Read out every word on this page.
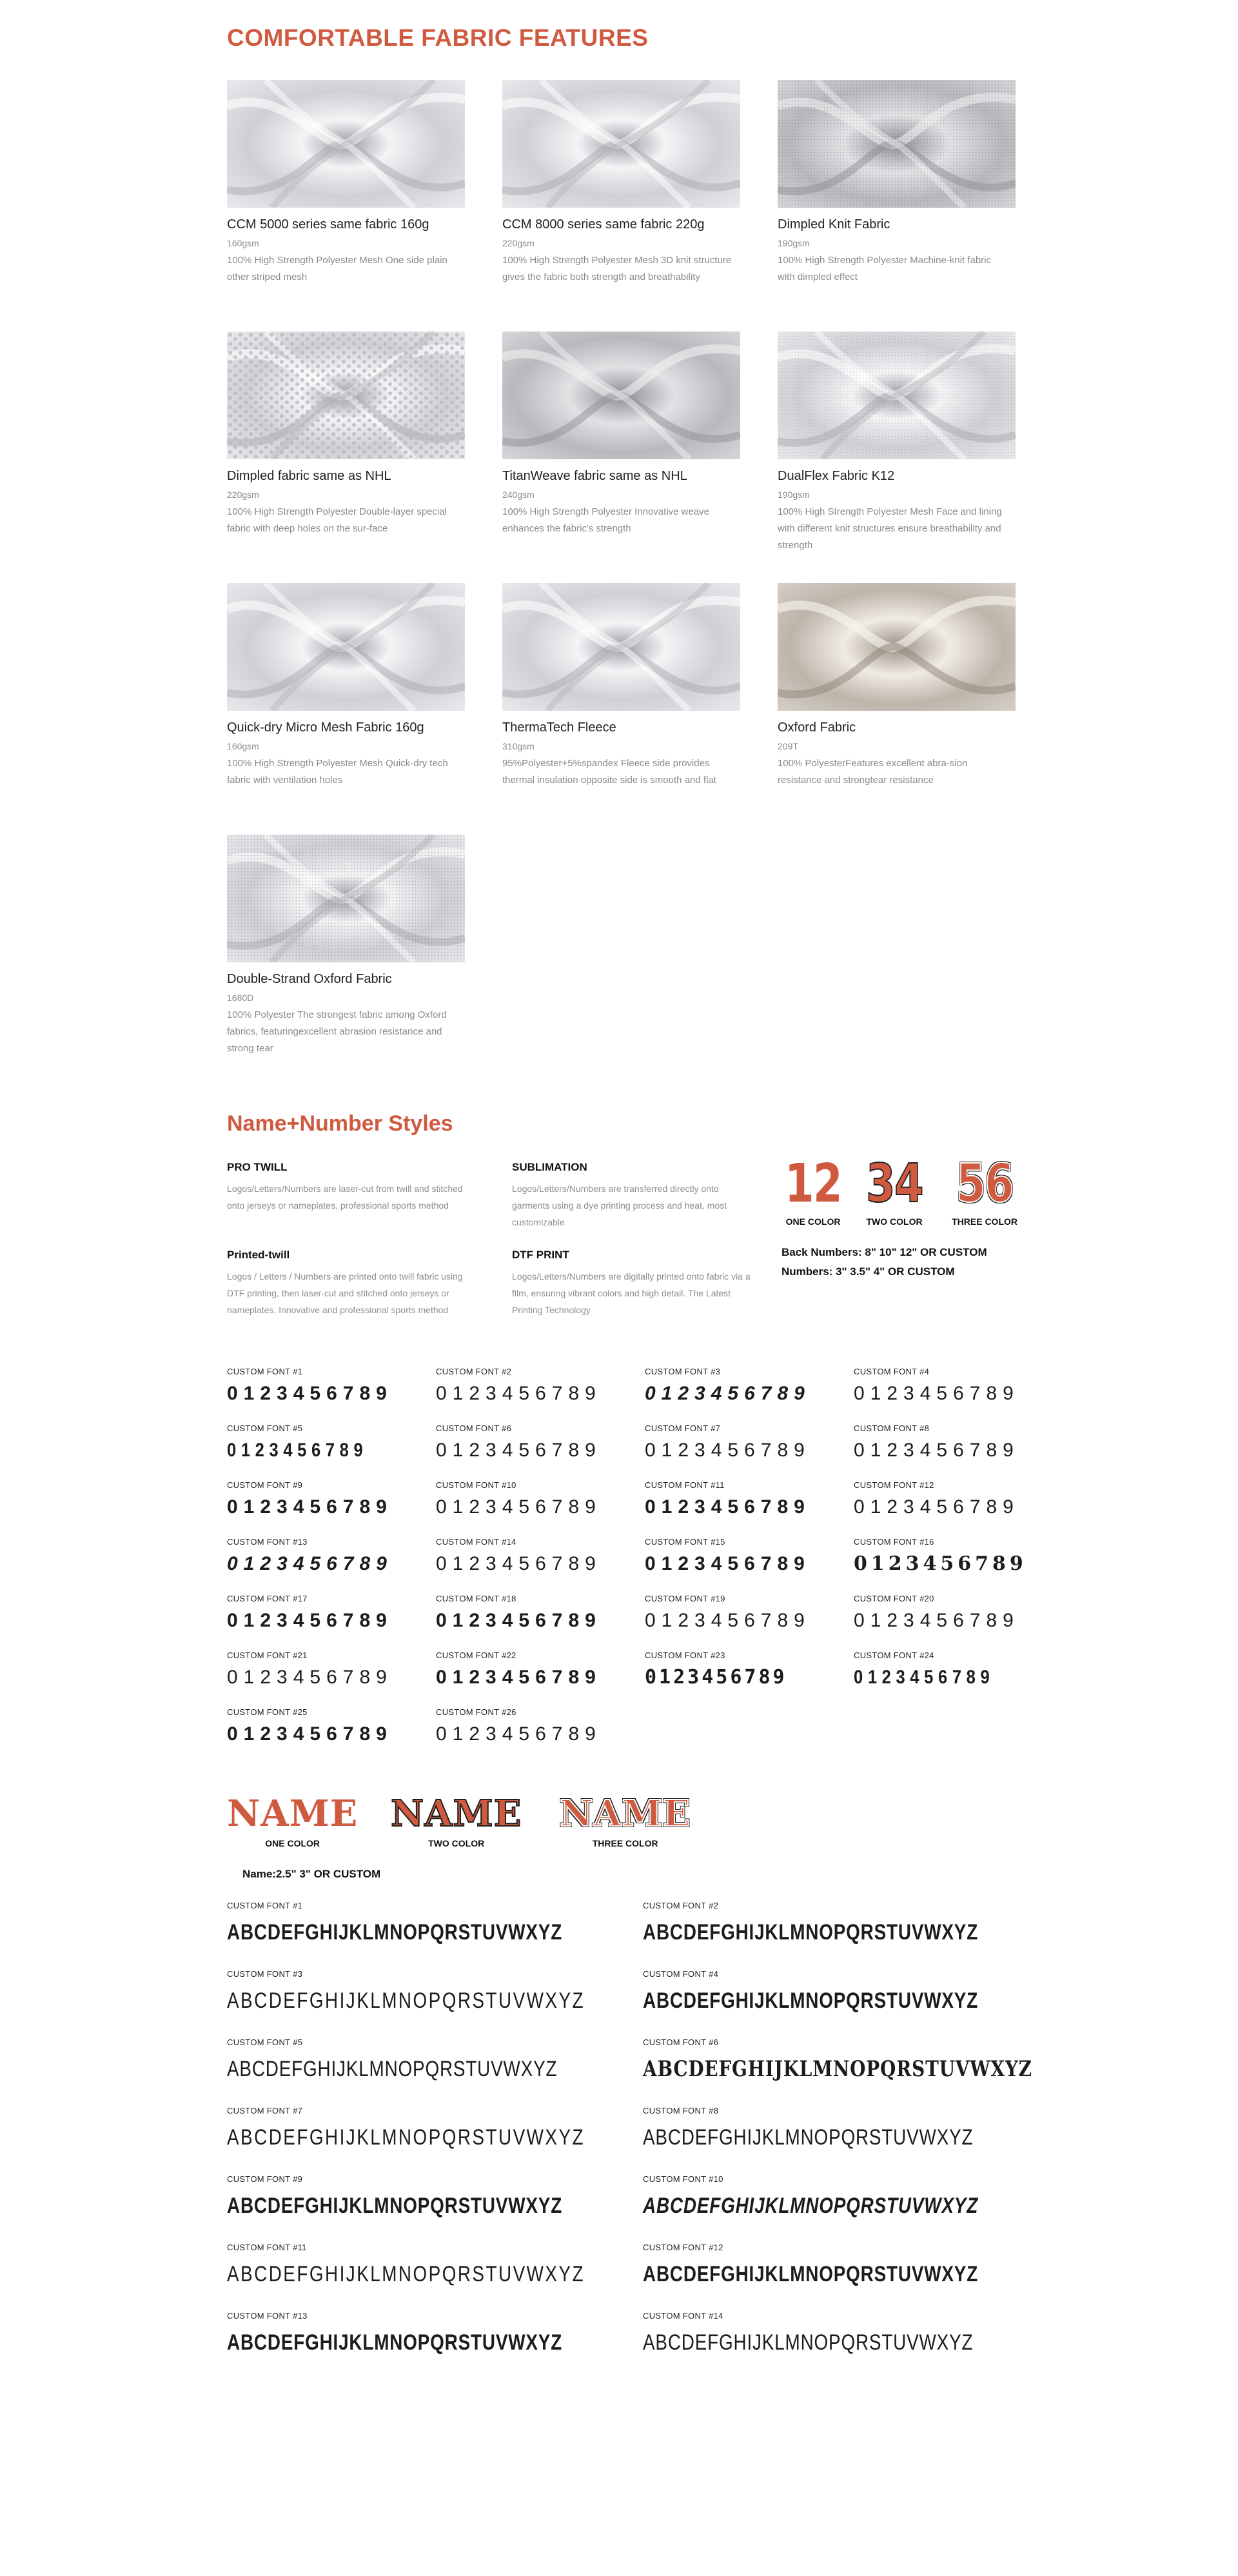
COMFORTABLE FABRIC FEATURES
CCM 5000 series same fabric 160g
160gsm
100% High Strength Polyester Mesh One side plain other striped mesh
CCM 8000 series same fabric 220g
220gsm
100% High Strength Polyester Mesh 3D knit structure gives the fabric both strength and breathability
Dimpled Knit Fabric
190gsm
100% High Strength Polyester Machine-knit fabric with dimpled effect
Dimpled fabric same as NHL
220gsm
100% High Strength Polyester Double-layer special fabric with deep holes on the sur-face
TitanWeave fabric same as NHL
240gsm
100% High Strength Polyester Innovative weave enhances the fabric's strength
DualFlex Fabric K12
190gsm
100% High Strength Polyester Mesh Face and lining with different knit structures ensure breathability and strength
Quick-dry Micro Mesh Fabric 160g
160gsm
100% High Strength Polyester Mesh Quick-dry tech fabric with ventilation holes
ThermaTech Fleece
310gsm
95%Polyester+5%spandex Fleece side provides thermal insulation opposite side is smooth and flat
Oxford Fabric
209T
100% PolyesterFeatures excellent abra-sion resistance and strongtear resistance
Double-Strand Oxford Fabric
1680D
100% Polyester The strongest fabric among Oxford fabrics, featuringexcellent abrasion resistance and strong tear
Name+Number Styles
PRO TWILL
Logos/Letters/Numbers are laser-cut from twill and stitched onto jerseys or nameplates, professional sports method
SUBLIMATION
Logos/Letters/Numbers are transferred directly onto garments using a dye printing process and heat, most customizable
Printed-twill
Logos / Letters / Numbers are printed onto twill fabric using DTF printing, then laser-cut and stitched onto jerseys or nameplates. Innovative and professional sports method
DTF PRINT
Logos/Letters/Numbers are digitally printed onto fabric via a film, ensuring vibrant colors and high detail. The Latest Printing Technology
12
ONE COLOR
34
TWO COLOR
56
THREE COLOR
Back Numbers: 8" 10" 12" OR CUSTOM
Numbers: 3" 3.5" 4" OR CUSTOM
CUSTOM FONT #1
0123456789
CUSTOM FONT #2
0123456789
CUSTOM FONT #3
0123456789
CUSTOM FONT #4
0123456789
CUSTOM FONT #5
0123456789
CUSTOM FONT #6
0123456789
CUSTOM FONT #7
0123456789
CUSTOM FONT #8
0123456789
CUSTOM FONT #9
0123456789
CUSTOM FONT #10
0123456789
CUSTOM FONT #11
0123456789
CUSTOM FONT #12
0123456789
CUSTOM FONT #13
0123456789
CUSTOM FONT #14
0123456789
CUSTOM FONT #15
0123456789
CUSTOM FONT #16
0123456789
CUSTOM FONT #17
0123456789
CUSTOM FONT #18
0123456789
CUSTOM FONT #19
0123456789
CUSTOM FONT #20
0123456789
CUSTOM FONT #21
0123456789
CUSTOM FONT #22
0123456789
CUSTOM FONT #23
0123456789
CUSTOM FONT #24
0123456789
CUSTOM FONT #25
0123456789
CUSTOM FONT #26
0123456789
NAME
ONE COLOR
NAME
TWO COLOR
NAME
THREE COLOR
Name:2.5" 3" OR CUSTOM
CUSTOM FONT #1
ABCDEFGHIJKLMNOPQRSTUVWXYZ
CUSTOM FONT #2
ABCDEFGHIJKLMNOPQRSTUVWXYZ
CUSTOM FONT #3
ABCDEFGHIJKLMNOPQRSTUVWXYZ
CUSTOM FONT #4
ABCDEFGHIJKLMNOPQRSTUVWXYZ
CUSTOM FONT #5
ABCDEFGHIJKLMNOPQRSTUVWXYZ
CUSTOM FONT #6
ABCDEFGHIJKLMNOPQRSTUVWXYZ
CUSTOM FONT #7
ABCDEFGHIJKLMNOPQRSTUVWXYZ
CUSTOM FONT #8
ABCDEFGHIJKLMNOPQRSTUVWXYZ
CUSTOM FONT #9
ABCDEFGHIJKLMNOPQRSTUVWXYZ
CUSTOM FONT #10
ABCDEFGHIJKLMNOPQRSTUVWXYZ
CUSTOM FONT #11
ABCDEFGHIJKLMNOPQRSTUVWXYZ
CUSTOM FONT #12
ABCDEFGHIJKLMNOPQRSTUVWXYZ
CUSTOM FONT #13
ABCDEFGHIJKLMNOPQRSTUVWXYZ
CUSTOM FONT #14
ABCDEFGHIJKLMNOPQRSTUVWXYZ
